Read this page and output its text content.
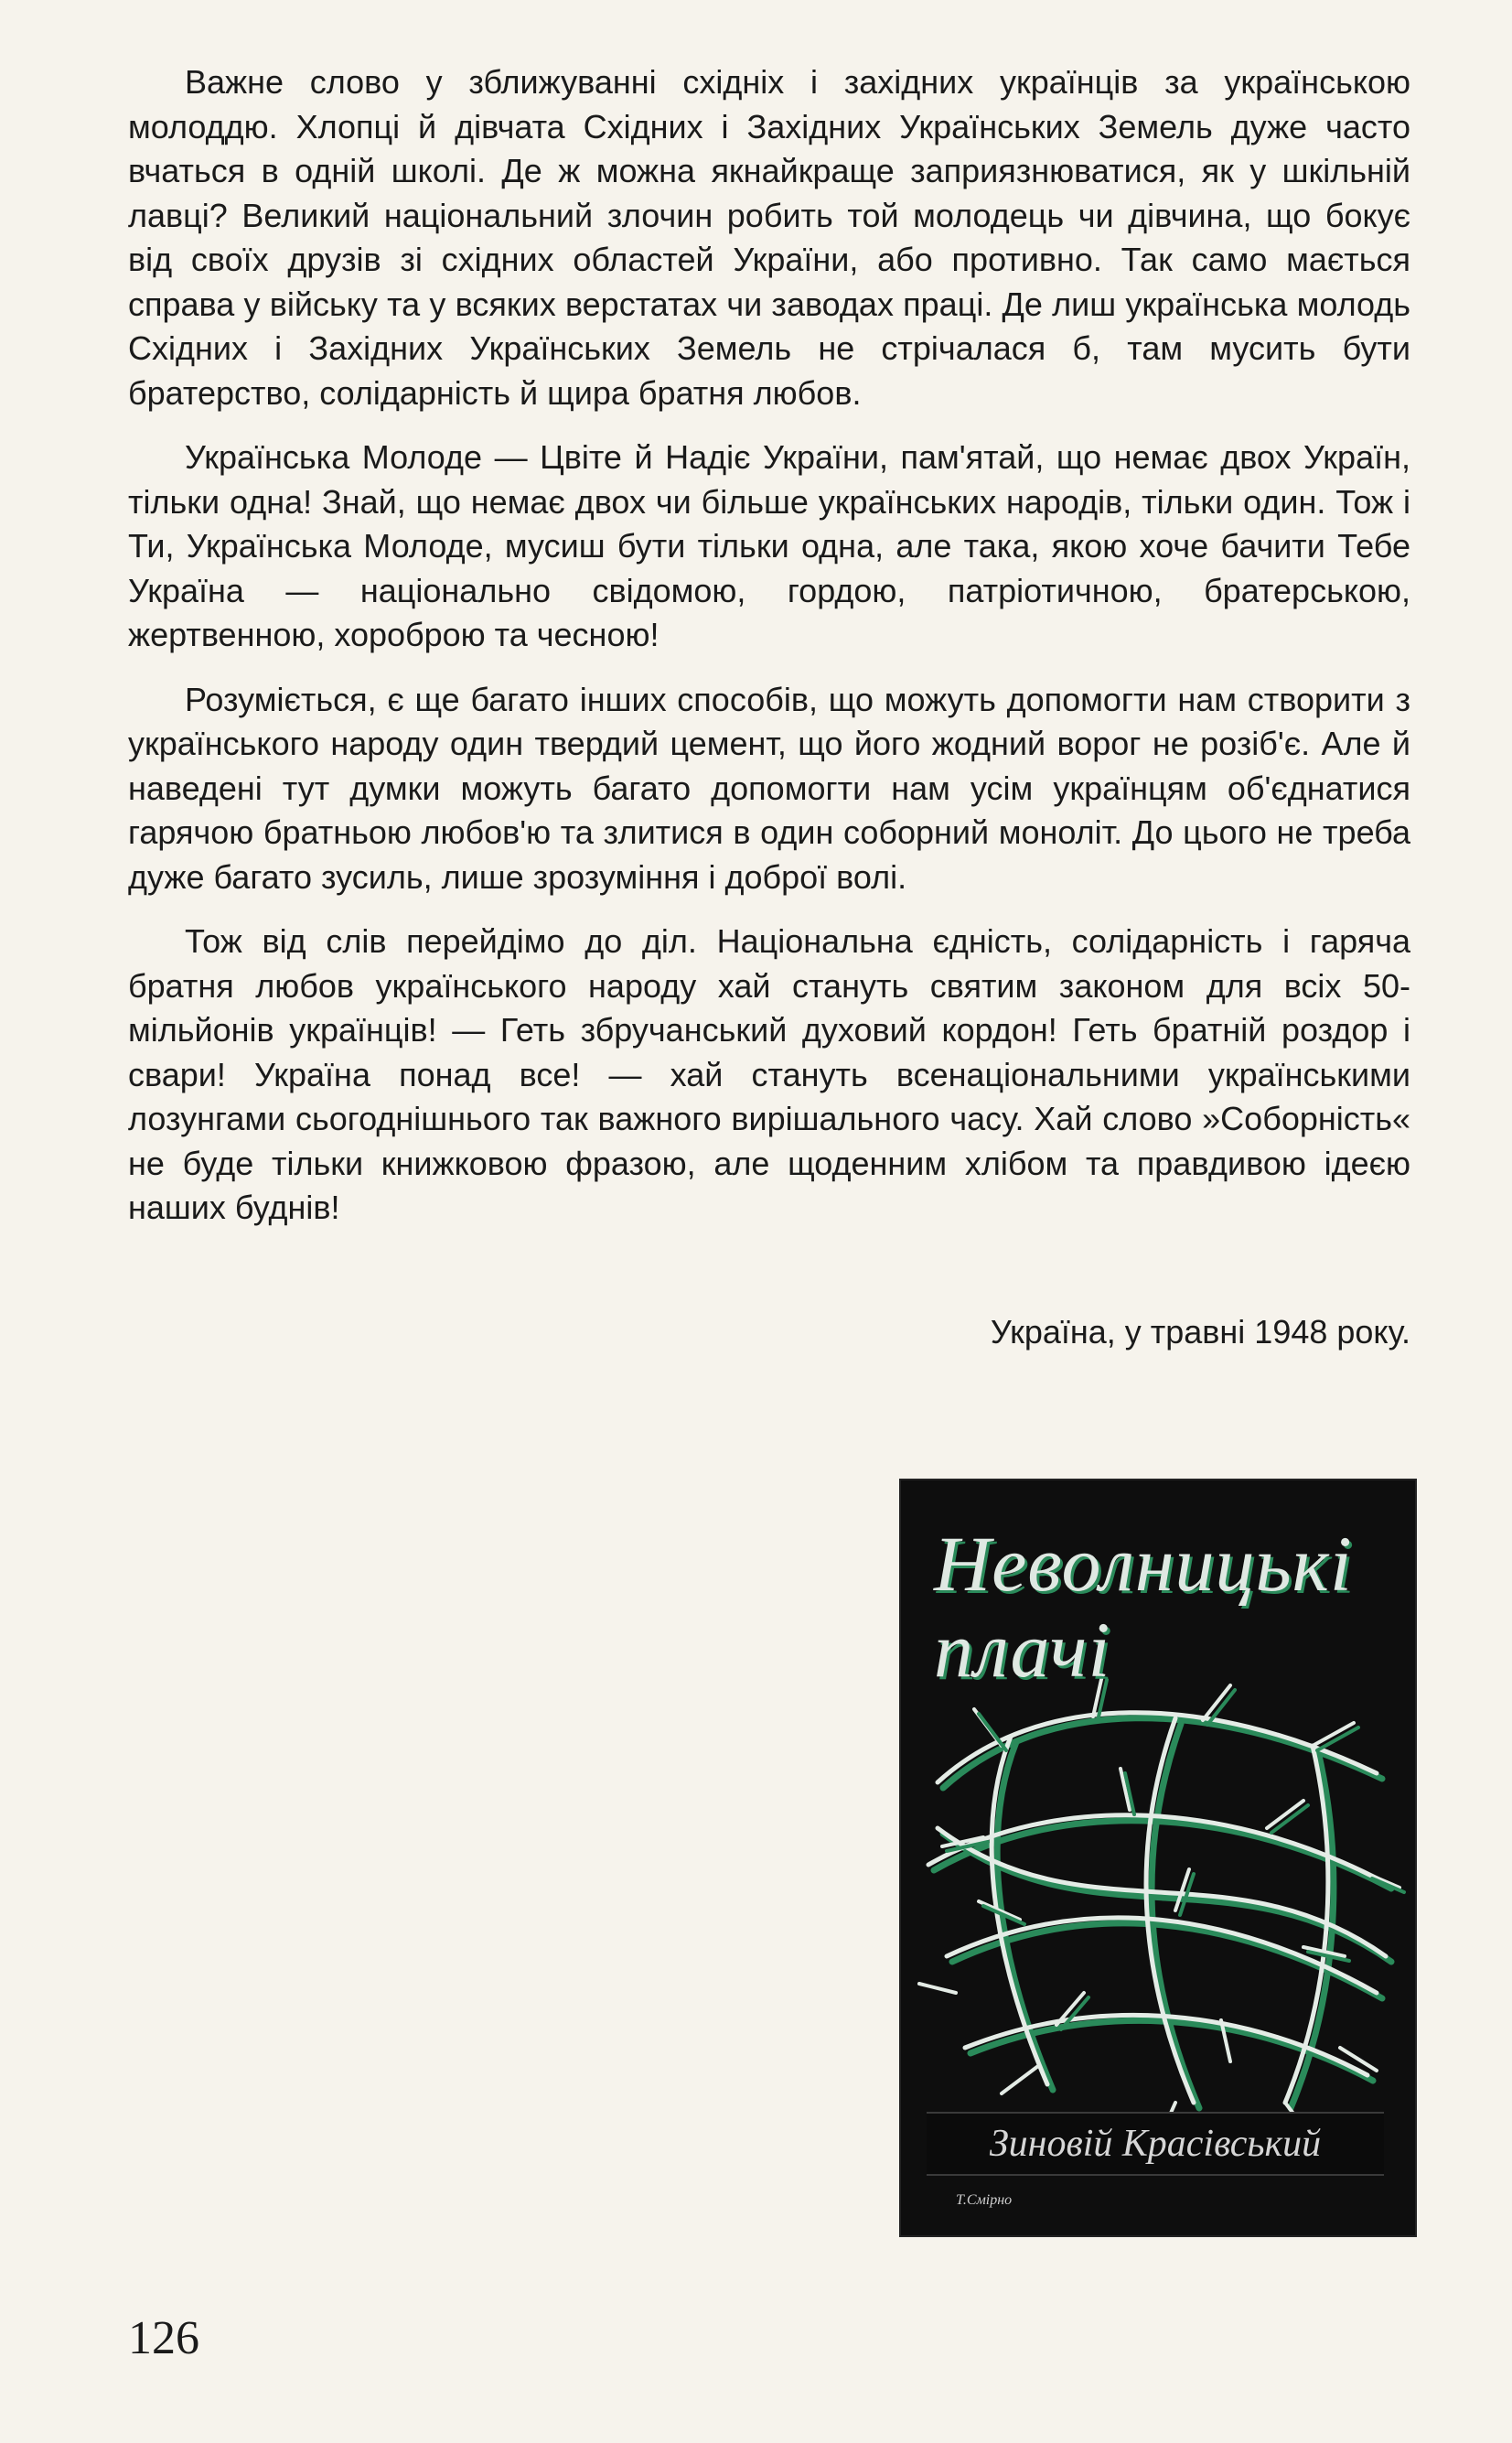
Важне слово у зближуванні східніх і західних українців за українською молоддю. Хлопці й дівчата Східних і Західних Українських Земель дуже часто вчаться в одній школі. Де ж можна якнайкраще заприязнюватися, як у шкільній лавці? Великий національний злочин робить той молодець чи дівчина, що бокує від своїх друзів зі східних областей України, або противно. Так само мається справа у війську та у всяких верстатах чи заводах праці. Де лиш українська молодь Східних і Західних Українських Земель не стрічалася б, там мусить бути братерство, солідарність й щира братня любов.

Українська Молоде — Цвіте й Надіє України, пам'ятай, що немає двох Україн, тільки одна! Знай, що немає двох чи більше українських народів, тільки один. Тож і Ти, Українська Молоде, мусиш бути тільки одна, але така, якою хоче бачити Тебе Україна — національно свідомою, гордою, патріотичною, братерською, жертвенною, хороброю та чесною!

Розуміється, є ще багато інших способів, що можуть допомогти нам створити з українського народу один твердий цемент, що його жодний ворог не розіб'є. Але й наведені тут думки можуть багато допомогти нам усім українцям об'єднатися гарячою братньою любов'ю та злитися в один соборний моноліт. До цього не треба дуже багато зусиль, лише зрозуміння і доброї волі.

Тож від слів перейдімо до діл. Національна єдність, солідарність і гаряча братня любов українського народу хай стануть святим законом для всіх 50-мільйонів українців! — Геть збручанський духовий кордон! Геть братній роздор і свари! Україна понад все! — хай стануть всенаціональними українськими лозунгами сьогоднішнього так важного вирішального часу. Хай слово »Соборність« не буде тільки книжковою фразою, але щоденним хлібом та правдивою ідеєю наших буднів!

Україна, у травні 1948 року.
Неволницькі
плачі
Зиновій Красівський
Т.Смірно
126
